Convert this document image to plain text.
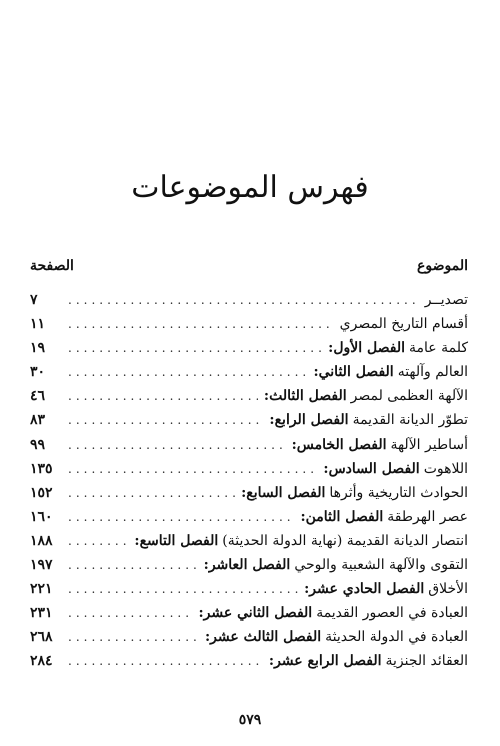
فهرس الموضوعات
الموضوع
الصفحة
تصديــر
.....
٧
أقسام التاريخ المصري
.....
١١
الفصل الأول: كلمة عامة
.....
١٩
الفصل الثاني: العالم وآلهته
.....
٣٠
الفصل الثالث: الآلهة العظمى لمصر
.....
٤٦
الفصل الرابع: تطوّر الديانة القديمة
.....
٨٣
الفصل الخامس: أساطير الآلهة
.....
٩٩
الفصل السادس: اللاهوت
.....
١٣٥
الفصل السابع: الحوادث التاريخية وأثرها
.....
١٥٢
الفصل الثامن: عصر الهرطقة
.....
١٦٠
الفصل التاسع: انتصار الديانة القديمة (نهاية الدولة الحديثة)
.....
١٨٨
الفصل العاشر: التقوى والآلهة الشعبية والوحي
.....
١٩٧
الفصل الحادي عشر: الأخلاق
.....
٢٢١
الفصل الثاني عشر: العبادة في العصور القديمة
.....
٢٣١
الفصل الثالث عشر: العبادة في الدولة الحديثة
.....
٢٦٨
الفصل الرابع عشر: العقائد الجنزية
.....
٢٨٤
٥٧٩
